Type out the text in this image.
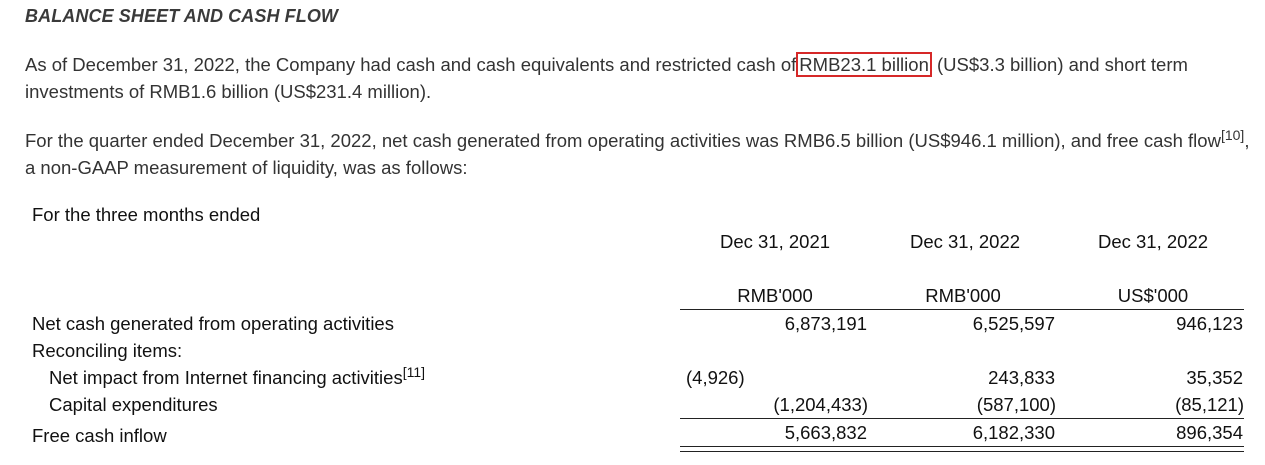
BALANCE SHEET AND CASH FLOW
As of December 31, 2022, the Company had cash and cash equivalents and restricted cash of RMB23.1 billion (US$3.3 billion) and short term investments of RMB1.6 billion (US$231.4 million).
For the quarter ended December 31, 2022, net cash generated from operating activities was RMB6.5 billion (US$946.1 million), and free cash flow[10], a non-GAAP measurement of liquidity, was as follows:
For the three months ended
Dec 31, 2021	Dec 31, 2022	Dec 31, 2022
RMB'000	RMB'000	US$'000
Net cash generated from operating activities	6,873,191	6,525,597	946,123
Reconciling items:
Net impact from Internet financing activities[11]	(4,926)	243,833	35,352
Capital expenditures	(1,204,433)	(587,100)	(85,121)
Free cash inflow	5,663,832	6,182,330	896,354
